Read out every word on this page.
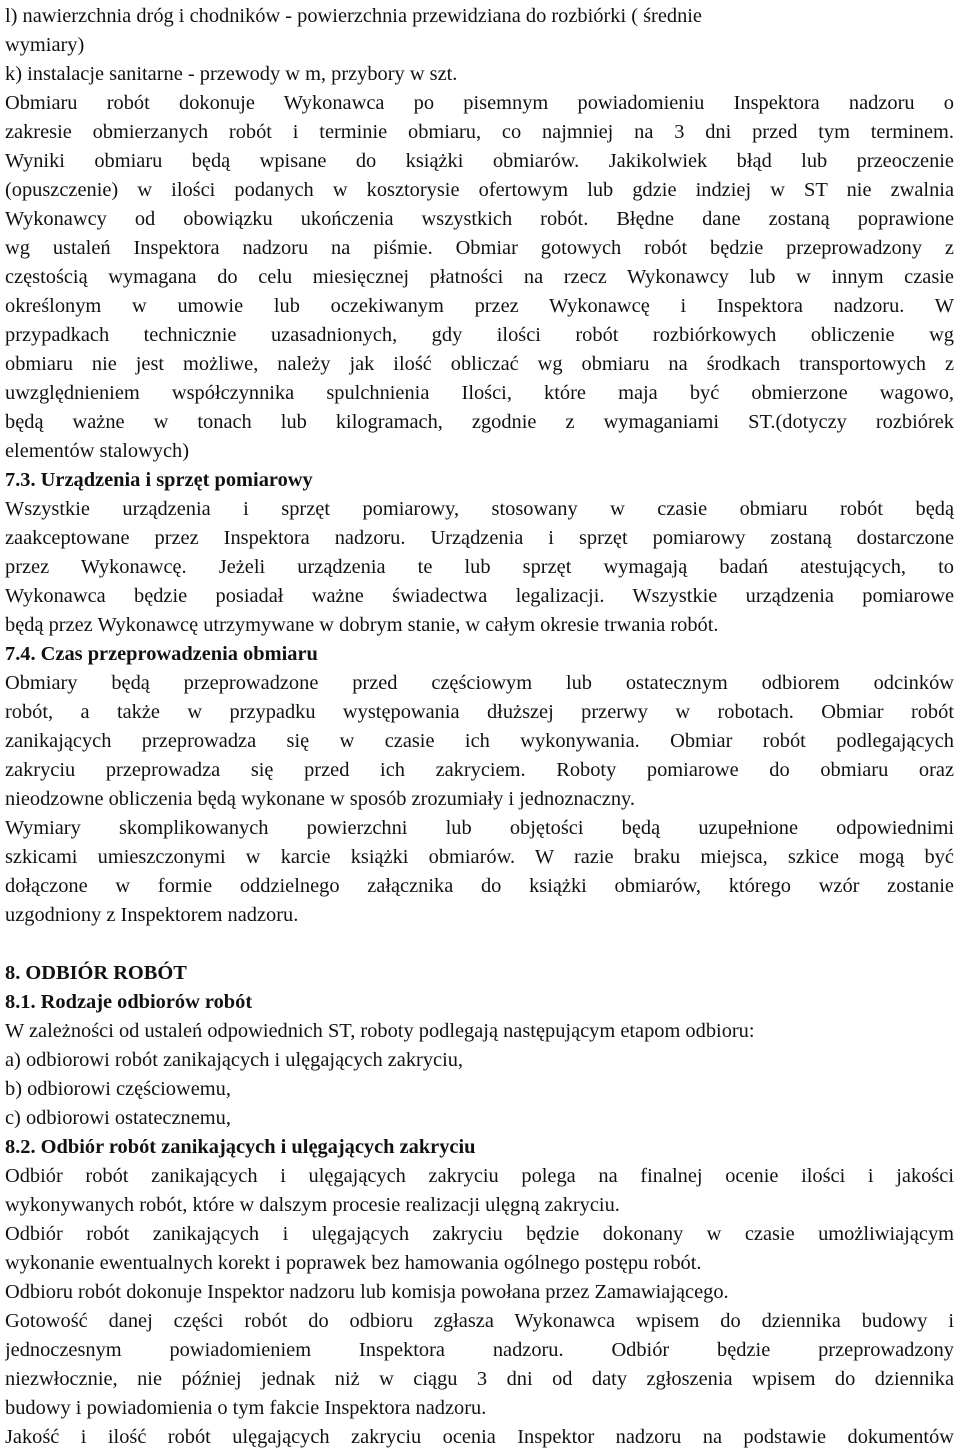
l) nawierzchnia dróg i chodników - powierzchnia przewidziana do rozbiórki ( średnie
wymiary)
k) instalacje sanitarne - przewody w m, przybory w szt.
Obmiaru robót dokonuje Wykonawca po pisemnym powiadomieniu Inspektora nadzoru o
zakresie obmierzanych robót i terminie obmiaru, co najmniej na 3 dni przed tym terminem.
Wyniki obmiaru będą wpisane do książki obmiarów. Jakikolwiek błąd lub przeoczenie
(opuszczenie) w ilości podanych w kosztorysie ofertowym lub gdzie indziej w ST nie zwalnia
Wykonawcy od obowiązku ukończenia wszystkich robót. Błędne dane zostaną poprawione
wg ustaleń Inspektora nadzoru na piśmie. Obmiar gotowych robót będzie przeprowadzony z
częstością wymagana do celu miesięcznej płatności na rzecz Wykonawcy lub w innym czasie
określonym w umowie lub oczekiwanym przez Wykonawcę i Inspektora nadzoru. W
przypadkach technicznie uzasadnionych, gdy ilości robót rozbiórkowych obliczenie wg
obmiaru nie jest możliwe, należy jak ilość obliczać wg obmiaru na środkach transportowych z
uwzględnieniem współczynnika spulchnienia Ilości, które maja być obmierzone wagowo,
będą ważne w tonach lub kilogramach, zgodnie z wymaganiami ST.(dotyczy rozbiórek
elementów stalowych)
7.3. Urządzenia i sprzęt pomiarowy
Wszystkie urządzenia i sprzęt pomiarowy, stosowany w czasie obmiaru robót będą
zaakceptowane przez Inspektora nadzoru. Urządzenia i sprzęt pomiarowy zostaną dostarczone
przez Wykonawcę. Jeżeli urządzenia te lub sprzęt wymagają badań atestujących, to
Wykonawca będzie posiadał ważne świadectwa legalizacji. Wszystkie urządzenia pomiarowe
będą przez Wykonawcę utrzymywane w dobrym stanie, w całym okresie trwania robót.
7.4. Czas przeprowadzenia obmiaru
Obmiary będą przeprowadzone przed częściowym lub ostatecznym odbiorem odcinków
robót, a także w przypadku występowania dłuższej przerwy w robotach. Obmiar robót
zanikających przeprowadza się w czasie ich wykonywania. Obmiar robót podlegających
zakryciu przeprowadza się przed ich zakryciem. Roboty pomiarowe do obmiaru oraz
nieodzowne obliczenia będą wykonane w sposób zrozumiały i jednoznaczny.
Wymiary skomplikowanych powierzchni lub objętości będą uzupełnione odpowiednimi
szkicami umieszczonymi w karcie książki obmiarów. W razie braku miejsca, szkice mogą być
dołączone w formie oddzielnego załącznika do książki obmiarów, którego wzór zostanie
uzgodniony z Inspektorem nadzoru.
8. ODBIÓR ROBÓT
8.1. Rodzaje odbiorów robót
W zależności od ustaleń odpowiednich ST, roboty podlegają następującym etapom odbioru:
a) odbiorowi robót zanikających i ulęgających zakryciu,
b) odbiorowi częściowemu,
c) odbiorowi ostatecznemu,
8.2. Odbiór robót zanikających i ulęgających zakryciu
Odbiór robót zanikających i ulęgających zakryciu polega na finalnej ocenie ilości i jakości
wykonywanych robót, które w dalszym procesie realizacji ulęgną zakryciu.
Odbiór robót zanikających i ulęgających zakryciu będzie dokonany w czasie umożliwiającym
wykonanie ewentualnych korekt i poprawek bez hamowania ogólnego postępu robót.
Odbioru robót dokonuje Inspektor nadzoru lub komisja powołana przez Zamawiającego.
Gotowość danej części robót do odbioru zgłasza Wykonawca wpisem do dziennika budowy i
jednoczesnym powiadomieniem Inspektora nadzoru. Odbiór będzie przeprowadzony
niezwłocznie, nie później jednak niż w ciągu 3 dni od daty zgłoszenia wpisem do dziennika
budowy i powiadomienia o tym fakcie Inspektora nadzoru.
Jakość i ilość robót ulęgających zakryciu ocenia Inspektor nadzoru na podstawie dokumentów
